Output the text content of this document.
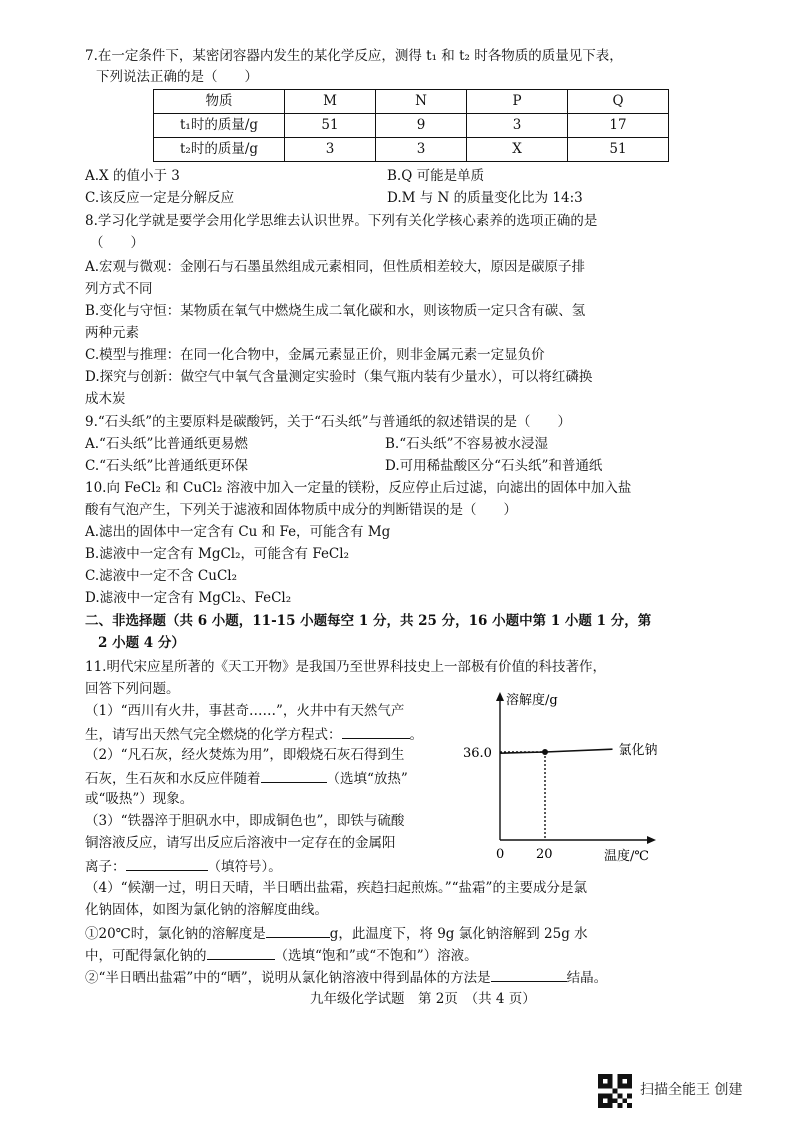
7.在一定条件下，某密闭容器内发生的某化学反应，测得 t₁ 和 t₂ 时各物质的质量见下表，
下列说法正确的是（　　）
物质	M	N	P	Q
t₁时的质量/g	51	9	3	17
t₂时的质量/g	3	3	X	51
A.X 的值小于 3	B.Q 可能是单质
C.该反应一定是分解反应	D.M 与 N 的质量变化比为 14:3
8.学习化学就是要学会用化学思维去认识世界。下列有关化学核心素养的选项正确的是
（　　）
A.宏观与微观：金刚石与石墨虽然组成元素相同，但性质相差较大，原因是碳原子排
列方式不同
B.变化与守恒：某物质在氧气中燃烧生成二氧化碳和水，则该物质一定只含有碳、氢
两种元素
C.模型与推理：在同一化合物中，金属元素显正价，则非金属元素一定显负价
D.探究与创新：做空气中氧气含量测定实验时（集气瓶内装有少量水），可以将红磷换
成木炭
9.“石头纸”的主要原料是碳酸钙，关于“石头纸”与普通纸的叙述错误的是（　　）
A.“石头纸”比普通纸更易燃	B.“石头纸”不容易被水浸湿
C.“石头纸”比普通纸更环保	D.可用稀盐酸区分“石头纸”和普通纸
10.向 FeCl₂ 和 CuCl₂ 溶液中加入一定量的镁粉，反应停止后过滤，向滤出的固体中加入盐
酸有气泡产生，下列关于滤液和固体物质中成分的判断错误的是（　　）
A.滤出的固体中一定含有 Cu 和 Fe，可能含有 Mg
B.滤液中一定含有 MgCl₂，可能含有 FeCl₂
C.滤液中一定不含 CuCl₂
D.滤液中一定含有 MgCl₂、FeCl₂
二、非选择题（共 6 小题，11-15 小题每空 1 分，共 25 分，16 小题中第 1 小题 1 分，第
2 小题 4 分）
11.明代宋应星所著的《天工开物》是我国乃至世界科技史上一部极有价值的科技著作，
回答下列问题。
（1）“西川有火井，事甚奇……”，火井中有天然气产
生，请写出天然气完全燃烧的化学方程式：	。
（2）“凡石灰，经火焚炼为用”，即煅烧石灰石得到生
石灰，生石灰和水反应伴随着	（选填“放热”
或“吸热”）现象。
（3）“铁器淬于胆矾水中，即成铜色也”，即铁与硫酸
铜溶液反应，请写出反应后溶液中一定存在的金属阳
离子：	（填符号）。
（4）“候潮一过，明日天晴，半日晒出盐霜，疾趋扫起煎炼。”“盐霜”的主要成分是氯
化钠固体，如图为氯化钠的溶解度曲线。
①20℃时，氯化钠的溶解度是	g，此温度下，将 9g 氯化钠溶解到 25g 水
中，可配得氯化钠的	（选填“饱和”或“不饱和”）溶液。
②“半日晒出盐霜”中的“晒”，说明从氯化钠溶液中得到晶体的方法是	结晶。
溶解度/g
温度/℃
36.0
0 20
氯化钠
九年级化学试题　第 2页　（共 4 页）
扫描全能王 创建
